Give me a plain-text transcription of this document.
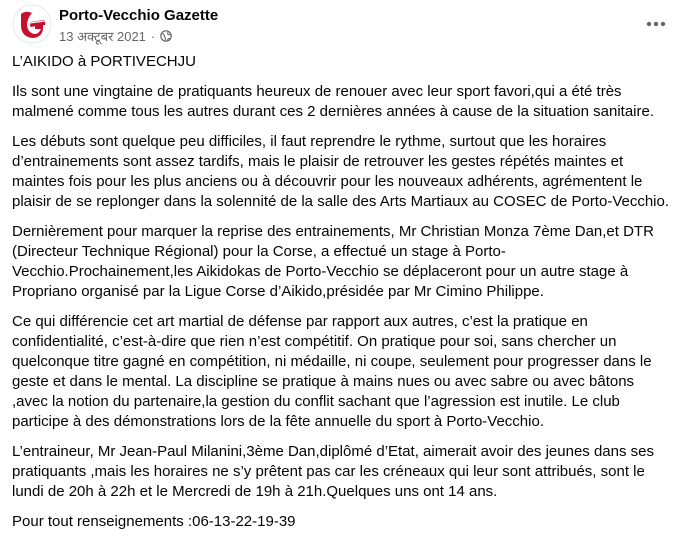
Porto-Vecchio Gazette
13 अक्टूबर 2021 ·

L’AIKIDO à PORTIVECHJU

Ils sont une vingtaine de pratiquants heureux de renouer avec leur sport favori,qui a été très malmené comme tous les autres durant ces 2 dernières années à cause de la situation sanitaire.

Les débuts sont quelque peu difficiles, il faut reprendre le rythme, surtout que les horaires d’entrainements sont assez tardifs, mais le plaisir de retrouver les gestes répétés maintes et maintes fois pour les plus anciens ou à découvrir pour les nouveaux adhérents, agrémentent le plaisir de se replonger dans la solennité de la salle des Arts Martiaux au COSEC de Porto-Vecchio.

Dernièrement pour marquer la reprise des entrainements, Mr Christian Monza 7ème Dan,et DTR (Directeur Technique Régional) pour la Corse, a effectué un stage à Porto-Vecchio.Prochainement,les Aikidokas de Porto-Vecchio se déplaceront pour un autre stage à Propriano organisé par la Ligue Corse d’Aikido,présidée par Mr Cimino Philippe.

Ce qui différencie cet art martial de défense par rapport aux autres, c’est la pratique en confidentialité, c’est-à-dire que rien n’est compétitif. On pratique pour soi, sans chercher un quelconque titre gagné en compétition, ni médaille, ni coupe, seulement pour progresser dans le geste et dans le mental. La discipline se pratique à mains nues ou avec sabre ou avec bâtons ,avec la notion du partenaire,la gestion du conflit sachant que l’agression est inutile. Le club participe à des démonstrations lors de la fête annuelle du sport à Porto-Vecchio.

L’entraineur, Mr Jean-Paul Milanini,3ème Dan,diplômé d’Etat, aimerait avoir des jeunes dans ses pratiquants ,mais les horaires ne s’y prêtent pas car les créneaux qui leur sont attribués, sont le lundi de 20h à 22h et le Mercredi de 19h à 21h.Quelques uns ont 14 ans.

Pour tout renseignements :06-13-22-19-39
